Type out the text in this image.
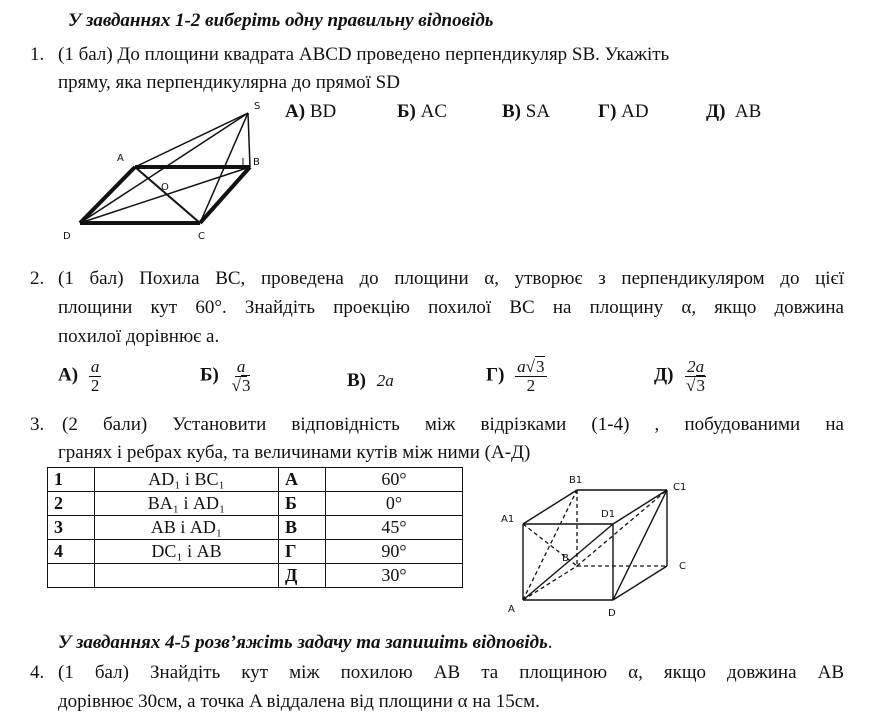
У завданнях 1-2 виберіть одну правильну відповідь
1. (1 бал) До площини квадрата ABCD проведено перпендикуляр SB. Укажіть
пряму, яка перпендикулярна до прямої SD
А) BD	Б) AC	В) SA	Г) AD	Д) AB
S
A	B
O
D	C
2. (1 бал) Похила BC, проведена до площини α, утворює з перпендикуляром до цієї
площини кут 60°. Знайдіть проекцію похилої BC на площину α, якщо довжина
похилої дорівнює а.
$А) \frac{a}{2}$	$Б) \frac{a}{√3}$	В) 2a	$Г) \frac{a√3}{2}$	$Д) \frac{2a}{√3}$
3. (2 бали) Установити відповідність між відрізками (1-4) , побудованими на
гранях і ребрах куба, та величинами кутів між ними (А-Д)
1	AD₁ і BC₁	А	60°
2	BA₁ і AD₁	Б	0°
3	AB і AD₁	В	45°
4	DC₁ і AB	Г	90°
		Д	30°
B1
C1
A1	D1
B
C
A	D
У завданнях 4-5 розв’яжіть задачу та запишіть відповідь.
4. (1 бал) Знайдіть кут між похилою AB та площиною α, якщо довжина AB
дорівнює 30см, а точка A віддалена від площини α на 15см.
